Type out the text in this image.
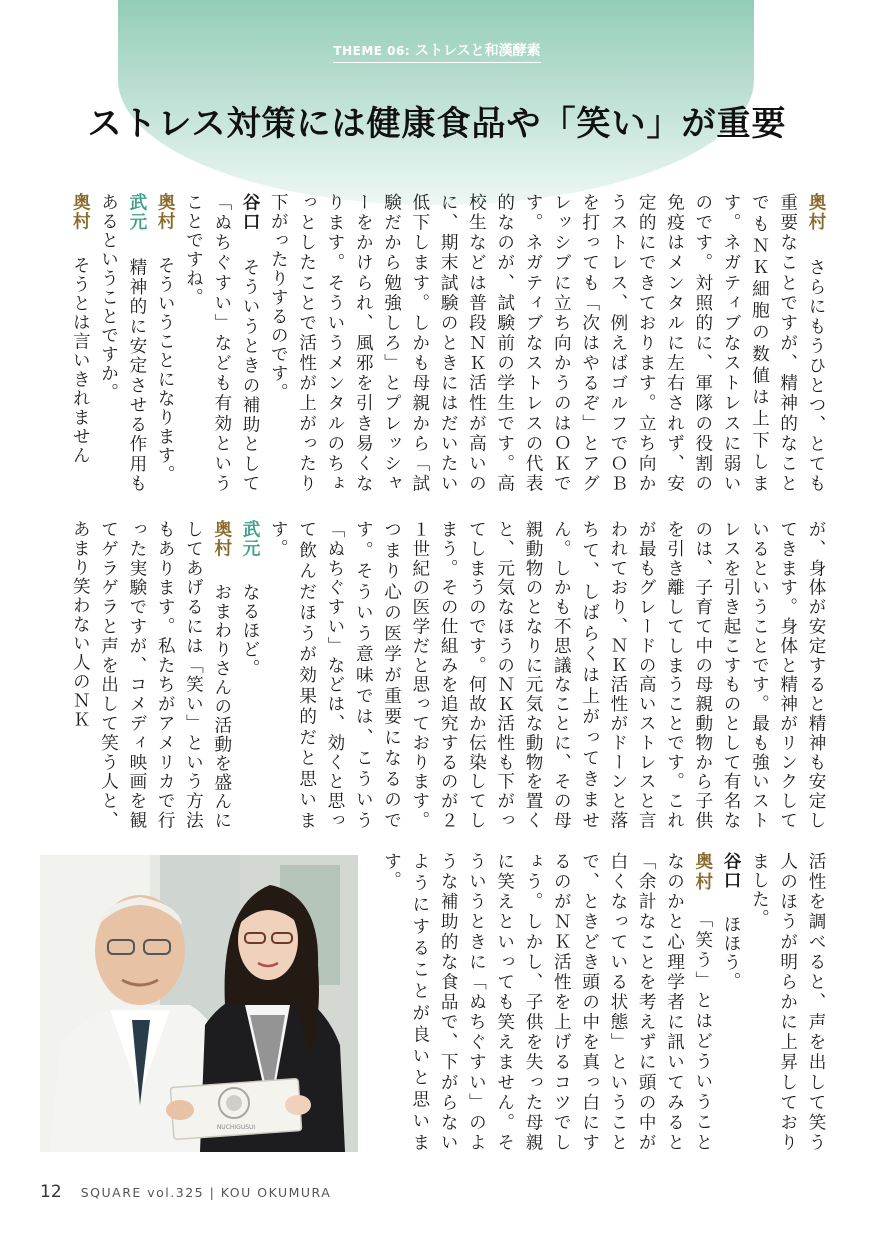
THEME 06: ストレスと和漢酵素
ストレス対策には健康食品や「笑い」が重要

奥村　さらにもうひとつ、とても重要なことですが、精神的なことでもＮＫ細胞の数値は上下します。ネガティブなストレスに弱いのです。対照的に、軍隊の役割の免疫はメンタルに左右されず、安定的にできております。立ち向かうストレス、例えばゴルフでＯＢを打っても「次はやるぞ」とアグレッシブに立ち向かうのはＯＫです。ネガティブなストレスの代表的なのが、試験前の学生です。高校生などは普段ＮＫ活性が高いのに、期末試験のときにはだいたい低下します。しかも母親から「試験だから勉強しろ」とプレッシャーをかけられ、風邪を引き易くなります。そういうメンタルのちょっとしたことで活性が上がったり下がったりするのです。

谷口　そういうときの補助として「ぬちぐすい」なども有効ということですね。

奥村　そういうことになります。

武元　精神的に安定させる作用もあるということですか。

奥村　そうとは言いきれません

が、身体が安定すると精神も安定してきます。身体と精神がリンクしているということです。最も強いストレスを引き起こすものとして有名なのは、子育て中の母親動物から子供を引き離してしまうことです。これが最もグレードの高いストレスと言われており、ＮＫ活性がドーンと落ちて、しばらくは上がってきません。しかも不思議なことに、その母親動物のとなりに元気な動物を置くと、元気なほうのＮＫ活性も下がってしまうのです。何故か伝染してしまう。その仕組みを追究するのが２１世紀の医学だと思っております。つまり心の医学が重要になるのです。そういう意味では、こういう「ぬちぐすい」などは、効くと思って飲んだほうが効果的だと思います。

武元　なるほど。

奥村　おまわりさんの活動を盛んにしてあげるには「笑い」という方法もあります。私たちがアメリカで行った実験ですが、コメディ映画を観てゲラゲラと声を出して笑う人と、あまり笑わない人のＮＫ

活性を調べると、声を出して笑う人のほうが明らかに上昇しておりました。

谷口　ほほう。

奥村　「笑う」とはどういうことなのかと心理学者に訊いてみると「余計なことを考えずに頭の中が白くなっている状態」ということで、ときどき頭の中を真っ白にするのがＮＫ活性を上げるコツでしょう。しかし、子供を失った母親に笑えといっても笑えません。そういうときに「ぬちぐすい」のような補助的な食品で、下がらないようにすることが良いと思います。

NUCHIGUSUI
12 SQUARE vol.325 | KOU OKUMURA
